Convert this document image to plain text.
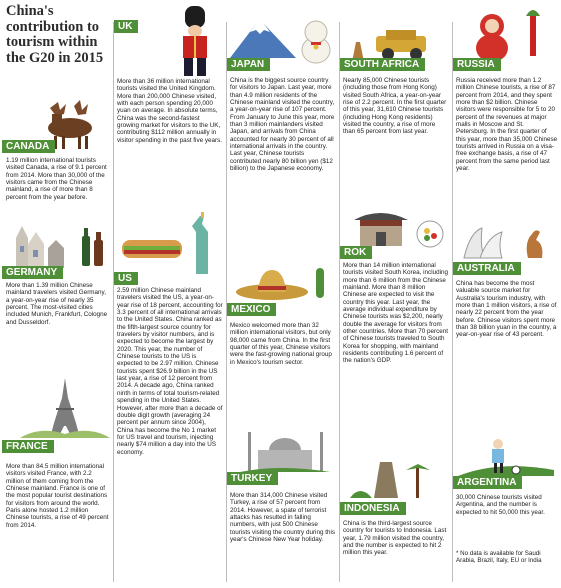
China's contribution to tourism within the G20 in 2015
CANADA
1.19 million international tourists visited Canada, a rise of 9.1 percent from 2014. More than 30,000 of the visitors came from the Chinese mainland, a rise of more than 8 percent from the year before.
GERMANY
More than 1.39 million Chinese mainland travelers visited Germany, a year-on-year rise of nearly 35 percent. The most-visited cities included Munich, Frankfurt, Cologne and Dusseldorf.
FRANCE
More than 84.5 million international visitors visited France, with 2.2 million of them coming from the Chinese mainland. France is one of the most popular tourist destinations for visitors from around the world. Paris alone hosted 1.2 million Chinese tourists, a rise of 49 percent from 2014.
UK
More than 36 million international tourists visited the United Kingdom. More than 200,000 Chinese visited, with each person spending 20,000 yuan on average. In absolute terms, China was the second-fastest growing market for visitors to the UK, contributing $112 million annually in visitor spending in the past five years.
US
2.59 million Chinese mainland travelers visited the US, a year-on-year rise of 18 percent, accounting for 3.3 percent of all international arrivals to the United States. China ranked as the fifth-largest source country for travelers by visitor numbers, and is expected to become the largest by 2020. This year, the number of Chinese tourists to the US is expected to be 2.97 million. Chinese tourists spent $26.9 billion in the US last year, a rise of 12 percent from 2014. A decade ago, China ranked ninth in terms of total tourism-related spending in the United States. However, after more than a decade of double digit growth (averaging 24 percent per annum since 2004), China has become the No 1 market for US travel and tourism, injecting nearly $74 million a day into the US economy.
JAPAN
China is the biggest source country for visitors to Japan. Last year, more than 4.9 million residents of the Chinese mainland visited the country, a year-on-year rise of 107 percent. From January to June this year, more than 3 million mainlanders visited Japan, and arrivals from China accounted for nearly 30 percent of all international arrivals in the country. Last year, Chinese tourists contributed nearly 80 billion yen ($12 billion) to the Japanese economy.
MEXICO
Mexico welcomed more than 32 million international visitors, but only 98,000 came from China. In the first quarter of this year, Chinese visitors were the fast-growing national group in Mexico's tourism sector.
TURKEY
More than 314,000 Chinese visited Turkey, a rise of 57 percent from 2014. However, a spate of terrorist attacks has resulted in falling numbers, with just 500 Chinese tourists visiting the country during this year's Chinese New Year holiday.
SOUTH AFRICA
Nearly 85,000 Chinese tourists (including those from Hong Kong) visited South Africa, a year-on-year rise of 2.2 percent. In the first quarter of this year, 31,610 Chinese tourists (including Hong Kong residents) visited the country, a rise of more than 65 percent from last year.
ROK
More than 14 million international tourists visited South Korea, including more than 6 million from the Chinese mainland. More than 8 million Chinese are expected to visit the country this year. Last year, the average individual expenditure by Chinese tourists was $2,200, nearly double the average for visitors from other countries. More than 70 percent of Chinese tourists traveled to South Korea for shopping, with mainland residents contributing 1.6 percent of the nation's GDP.
INDONESIA
China is the third-largest source country for tourists to Indonesia. Last year, 1.79 million visited the country, and the number is expected to hit 2 million this year.
RUSSIA
Russia received more than 1.2 million Chinese tourists, a rise of 87 percent from 2014, and they spent more than $2 billion. Chinese visitors were responsible for 5 to 20 percent of the revenues at major malls in Moscow and St. Petersburg. In the first quarter of this year, more than 35,000 Chinese tourists arrived in Russia on a visa-free exchange basis, a rise of 47 percent from the same period last year.
AUSTRALIA
China has become the most valuable source market for Australia's tourism industry, with more than 1 million visitors, a rise of nearly 22 percent from the year before. Chinese visitors spent more than 38 billion yuan in the country, a year-on-year rise of 43 percent.
ARGENTINA
30,000 Chinese tourists visited Argentina, and the number is expected to hit 50,000 this year.
* No data is available for Saudi Arabia, Brazil, Italy, EU or India
